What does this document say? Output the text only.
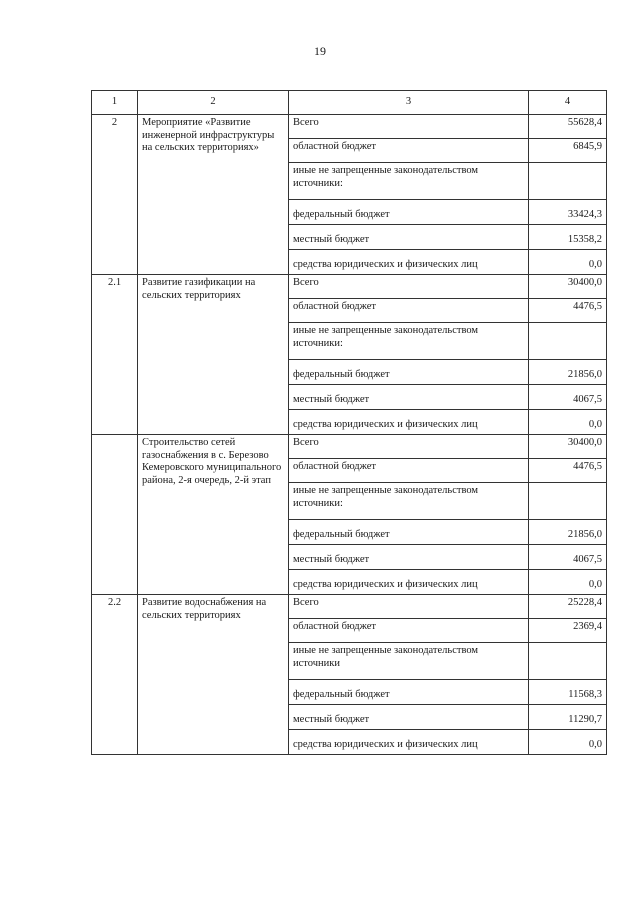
19
1	2	3	4
2	Мероприятие «Развитие инженерной инфраструктуры на сельских территориях»	Всего	55628,4
		областной бюджет	6845,9
		иные не запрещенные законодательством источники:	
		федеральный бюджет	33424,3
		местный бюджет	15358,2
		средства юридических и физических лиц	0,0
2.1	Развитие газификации на сельских территориях	Всего	30400,0
		областной бюджет	4476,5
		иные не запрещенные законодательством источники:	
		федеральный бюджет	21856,0
		местный бюджет	4067,5
		средства юридических и физических лиц	0,0
	Строительство сетей газоснабжения в с. Березово Кемеровского муниципального района, 2-я очередь, 2-й этап	Всего	30400,0
		областной бюджет	4476,5
		иные не запрещенные законодательством источники:	
		федеральный бюджет	21856,0
		местный бюджет	4067,5
		средства юридических и физических лиц	0,0
2.2	Развитие водоснабжения на сельских территориях	Всего	25228,4
		областной бюджет	2369,4
		иные не запрещенные законодательством источники	
		федеральный бюджет	11568,3
		местный бюджет	11290,7
		средства юридических и физических лиц	0,0
